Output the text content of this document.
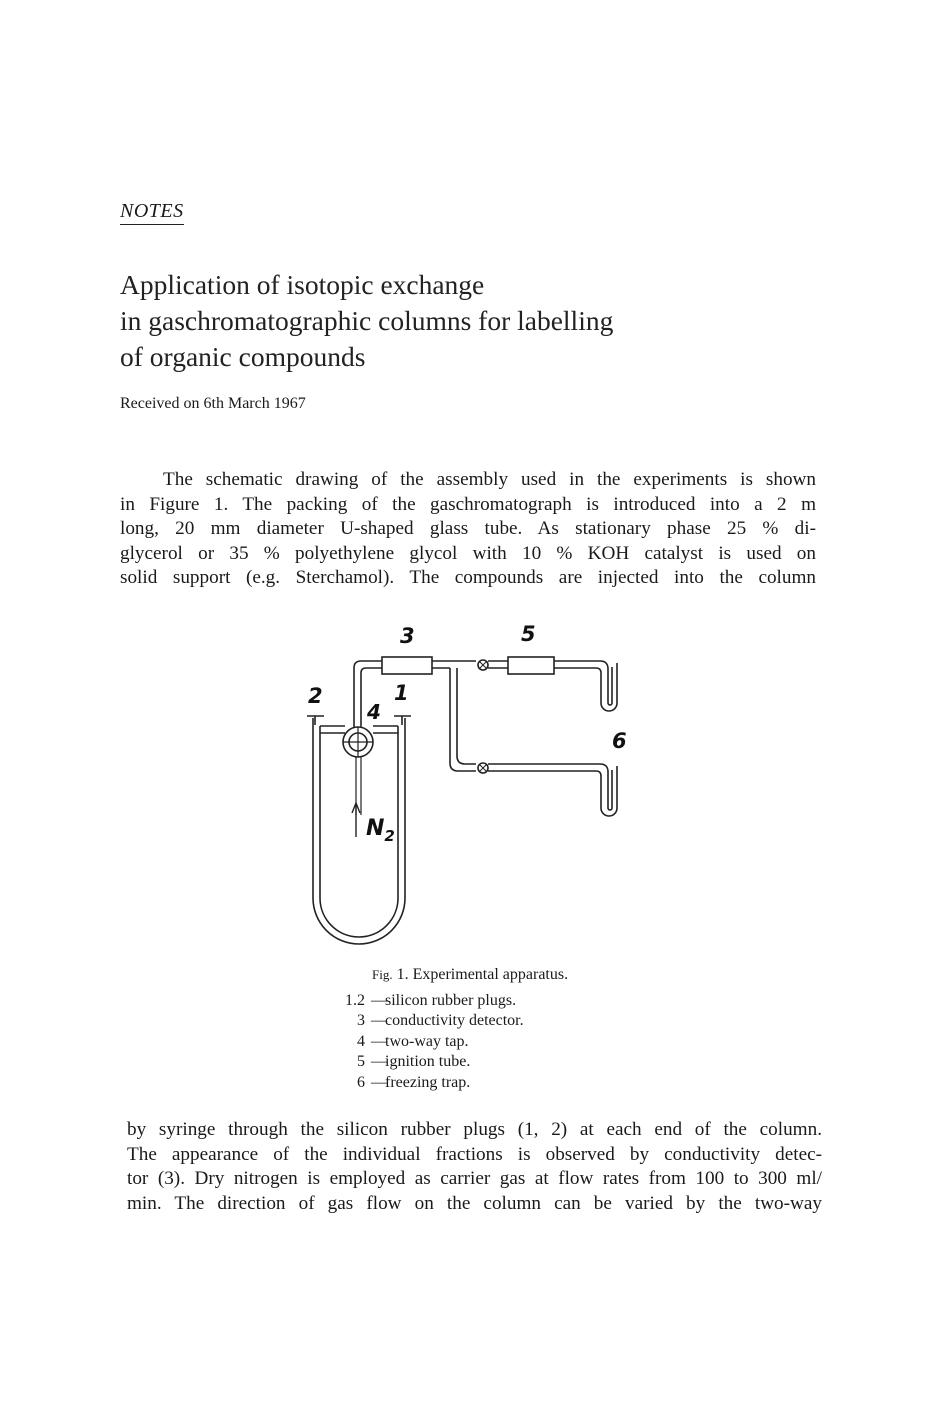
NOTES
Application of isotopic exchange
in gaschromatographic columns for labelling
of organic compounds
Received on 6th March 1967
The schematic drawing of the assembly used in the experiments is shown
in Figure 1. The packing of the gaschromatograph is introduced into a 2 m
long, 20 mm diameter U-shaped glass tube. As stationary phase 25 % di-
glycerol or 35 % polyethylene glycol with 10 % KOH catalyst is used on
solid support (e.g. Sterchamol). The compounds are injected into the column
3	5
2	1
4
6
$N_2$
Fig. 1. Experimental apparatus.
1.2 —
silicon rubber plugs.
3 —
conductivity detector.
4 —
two-way tap.
5 —
ignition tube.
6 —
freezing trap.
by syringe through the silicon rubber plugs (1, 2) at each end of the column.
The appearance of the individual fractions is observed by conductivity detec-
tor (3). Dry nitrogen is employed as carrier gas at flow rates from 100 to 300 ml/
min. The direction of gas flow on the column can be varied by the two-way
